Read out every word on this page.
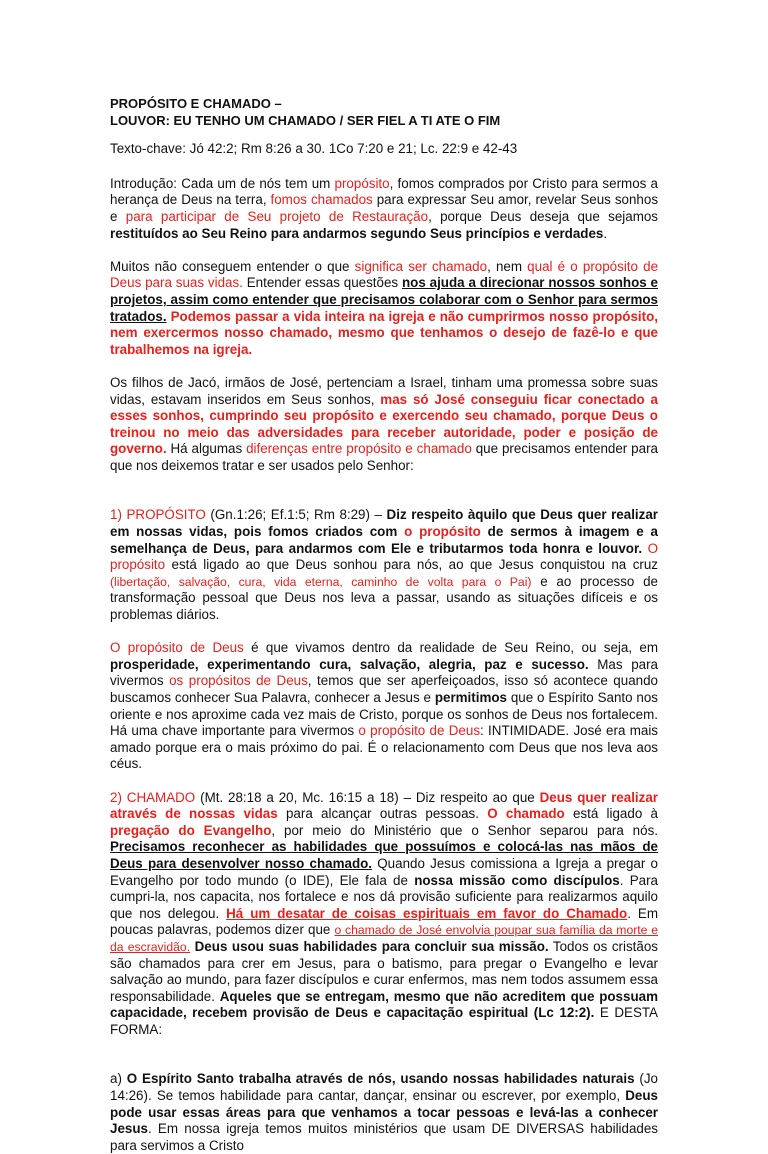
PROPÓSITO E CHAMADO –
LOUVOR: EU TENHO UM CHAMADO / SER FIEL A TI ATE O FIM

Texto-chave: Jó 42:2; Rm 8:26 a 30. 1Co 7:20 e 21; Lc. 22:9 e 42-43

Introdução: Cada um de nós tem um propósito, fomos comprados por Cristo para sermos a herança de Deus na terra, fomos chamados para expressar Seu amor, revelar Seus sonhos e para participar de Seu projeto de Restauração, porque Deus deseja que sejamos restituídos ao Seu Reino para andarmos segundo Seus princípios e verdades.

Muitos não conseguem entender o que significa ser chamado, nem qual é o propósito de Deus para suas vidas. Entender essas questões nos ajuda a direcionar nossos sonhos e projetos, assim como entender que precisamos colaborar com o Senhor para sermos tratados. Podemos passar a vida inteira na igreja e não cumprirmos nosso propósito, nem exercermos nosso chamado, mesmo que tenhamos o desejo de fazê-lo e que trabalhemos na igreja.

Os filhos de Jacó, irmãos de José, pertenciam a Israel, tinham uma promessa sobre suas vidas, estavam inseridos em Seus sonhos, mas só José conseguiu ficar conectado a esses sonhos, cumprindo seu propósito e exercendo seu chamado, porque Deus o treinou no meio das adversidades para receber autoridade, poder e posição de governo. Há algumas diferenças entre propósito e chamado que precisamos entender para que nos deixemos tratar e ser usados pelo Senhor:

1) PROPÓSITO (Gn.1:26; Ef.1:5; Rm 8:29) – Diz respeito àquilo que Deus quer realizar em nossas vidas, pois fomos criados com o propósito de sermos à imagem e a semelhança de Deus, para andarmos com Ele e tributarmos toda honra e louvor. O propósito está ligado ao que Deus sonhou para nós, ao que Jesus conquistou na cruz (libertação, salvação, cura, vida eterna, caminho de volta para o Pai) e ao processo de transformação pessoal que Deus nos leva a passar, usando as situações difíceis e os problemas diários.

O propósito de Deus é que vivamos dentro da realidade de Seu Reino, ou seja, em prosperidade, experimentando cura, salvação, alegria, paz e sucesso. Mas para vivermos os propósitos de Deus, temos que ser aperfeiçoados, isso só acontece quando buscamos conhecer Sua Palavra, conhecer a Jesus e permitimos que o Espírito Santo nos oriente e nos aproxime cada vez mais de Cristo, porque os sonhos de Deus nos fortalecem. Há uma chave importante para vivermos o propósito de Deus: INTIMIDADE. José era mais amado porque era o mais próximo do pai. É o relacionamento com Deus que nos leva aos céus.

2) CHAMADO (Mt. 28:18 a 20, Mc. 16:15 a 18) – Diz respeito ao que Deus quer realizar através de nossas vidas para alcançar outras pessoas. O chamado está ligado à pregação do Evangelho, por meio do Ministério que o Senhor separou para nós. Precisamos reconhecer as habilidades que possuímos e colocá-las nas mãos de Deus para desenvolver nosso chamado. Quando Jesus comissiona a Igreja a pregar o Evangelho por todo mundo (o IDE), Ele fala de nossa missão como discípulos. Para cumpri-la, nos capacita, nos fortalece e nos dá provisão suficiente para realizarmos aquilo que nos delegou. Há um desatar de coisas espirituais em favor do Chamado. Em poucas palavras, podemos dizer que o chamado de José envolvia poupar sua família da morte e da escravidão. Deus usou suas habilidades para concluir sua missão. Todos os cristãos são chamados para crer em Jesus, para o batismo, para pregar o Evangelho e levar salvação ao mundo, para fazer discípulos e curar enfermos, mas nem todos assumem essa responsabilidade. Aqueles que se entregam, mesmo que não acreditem que possuam capacidade, recebem provisão de Deus e capacitação espiritual (Lc 12:2). E DESTA FORMA:

a) O Espírito Santo trabalha através de nós, usando nossas habilidades naturais (Jo 14:26). Se temos habilidade para cantar, dançar, ensinar ou escrever, por exemplo, Deus pode usar essas áreas para que venhamos a tocar pessoas e levá-las a conhecer Jesus. Em nossa igreja temos muitos ministérios que usam DE DIVERSAS habilidades para servimos a Cristo
